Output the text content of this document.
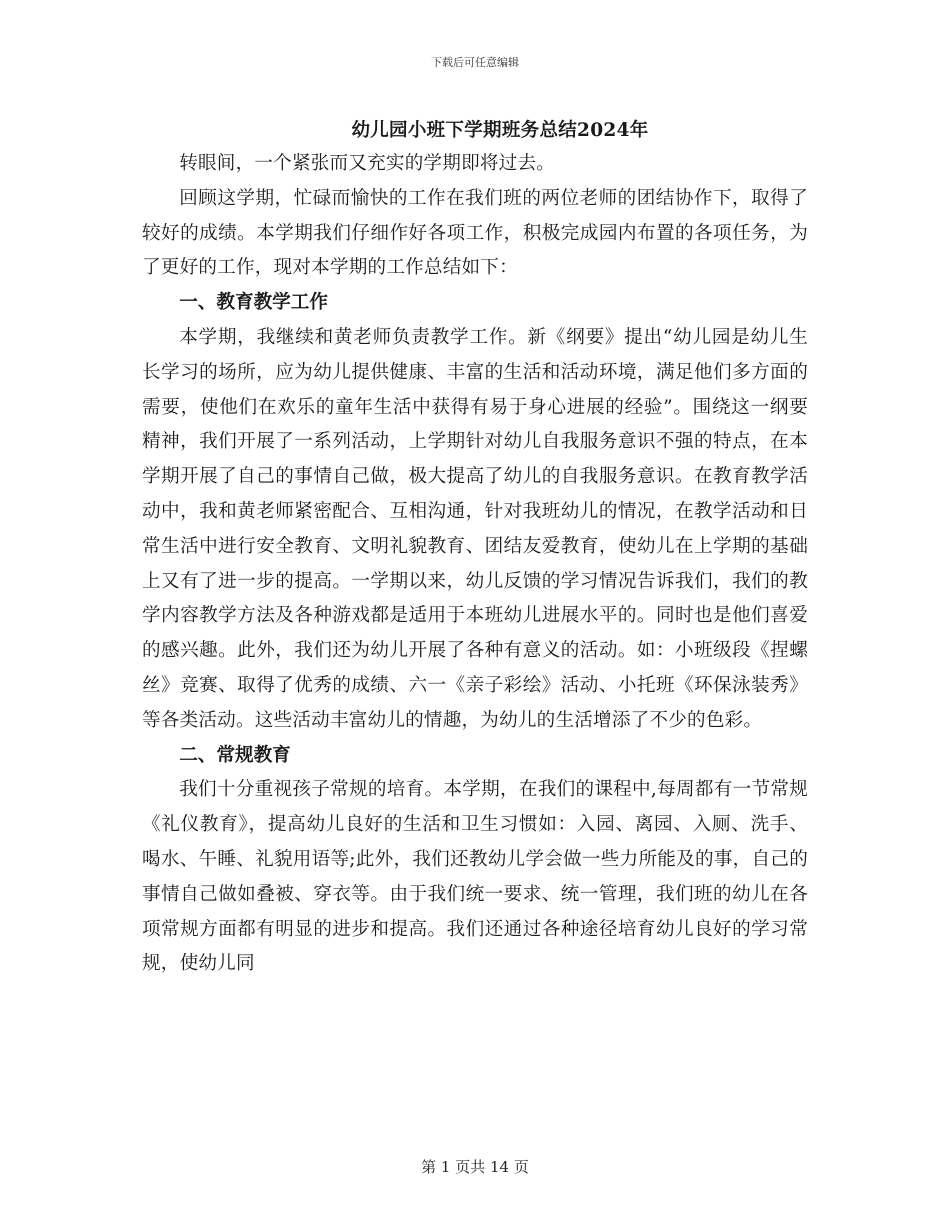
下载后可任意编辑
幼儿园小班下学期班务总结2024年

转眼间，一个紧张而又充实的学期即将过去。

回顾这学期，忙碌而愉快的工作在我们班的两位老师的团结协作下，取得了较好的成绩。本学期我们仔细作好各项工作，积极完成园内布置的各项任务，为了更好的工作，现对本学期的工作总结如下：

一、教育教学工作

本学期，我继续和黄老师负责教学工作。新《纲要》提出“幼儿园是幼儿生长学习的场所，应为幼儿提供健康、丰富的生活和活动环境，满足他们多方面的需要，使他们在欢乐的童年生活中获得有易于身心进展的经验”。围绕这一纲要精神，我们开展了一系列活动，上学期针对幼儿自我服务意识不强的特点，在本学期开展了自己的事情自己做，极大提高了幼儿的自我服务意识。在教育教学活动中，我和黄老师紧密配合、互相沟通，针对我班幼儿的情况，在教学活动和日常生活中进行安全教育、文明礼貌教育、团结友爱教育，使幼儿在上学期的基础上又有了进一步的提高。一学期以来，幼儿反馈的学习情况告诉我们，我们的教学内容教学方法及各种游戏都是适用于本班幼儿进展水平的。同时也是他们喜爱的感兴趣。此外，我们还为幼儿开展了各种有意义的活动。如：小班级段《捏螺丝》竞赛、取得了优秀的成绩、六一《亲子彩绘》活动、小托班《环保泳装秀》等各类活动。这些活动丰富幼儿的情趣，为幼儿的生活增添了不少的色彩。

二、常规教育

我们十分重视孩子常规的培育。本学期，在我们的课程中,每周都有一节常规《礼仪教育》，提高幼儿良好的生活和卫生习惯如：入园、离园、入厕、洗手、喝水、午睡、礼貌用语等;此外，我们还教幼儿学会做一些力所能及的事，自己的事情自己做如叠被、穿衣等。由于我们统一要求、统一管理，我们班的幼儿在各项常规方面都有明显的进步和提高。我们还通过各种途径培育幼儿良好的学习常规，使幼儿同

第 1 页共 14 页
